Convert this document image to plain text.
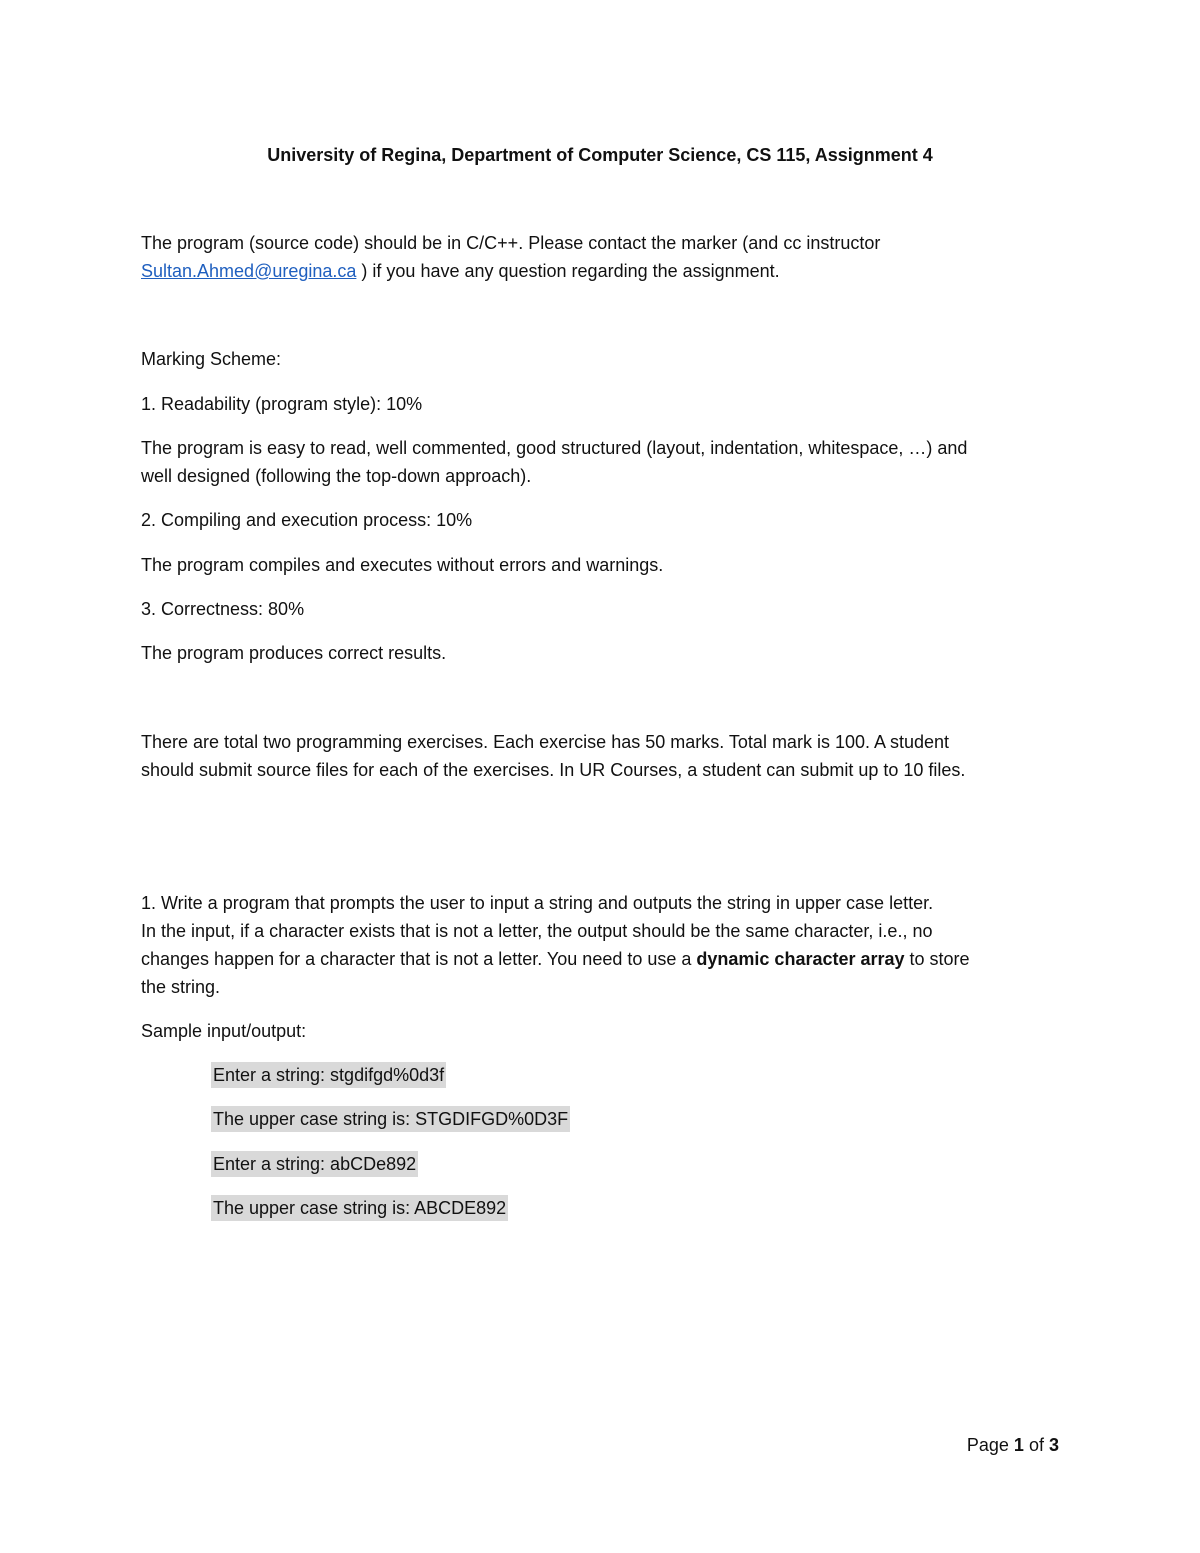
University of Regina, Department of Computer Science, CS 115, Assignment 4
The program (source code) should be in C/C++. Please contact the marker (and cc instructor
Sultan.Ahmed@uregina.ca ) if you have any question regarding the assignment.
Marking Scheme:
1. Readability (program style): 10%
The program is easy to read, well commented, good structured (layout, indentation, whitespace, …) and
well designed (following the top-down approach).
2. Compiling and execution process: 10%
The program compiles and executes without errors and warnings.
3. Correctness: 80%
The program produces correct results.
There are total two programming exercises. Each exercise has 50 marks. Total mark is 100. A student
should submit source files for each of the exercises. In UR Courses, a student can submit up to 10 files.
1. Write a program that prompts the user to input a string and outputs the string in upper case letter.
In the input, if a character exists that is not a letter, the output should be the same character, i.e., no
changes happen for a character that is not a letter. You need to use a dynamic character array to store
the string.
Sample input/output:
Enter a string: stgdifgd%0d3f
The upper case string is: STGDIFGD%0D3F
Enter a string: abCDe892
The upper case string is: ABCDE892
Page 1 of 3
